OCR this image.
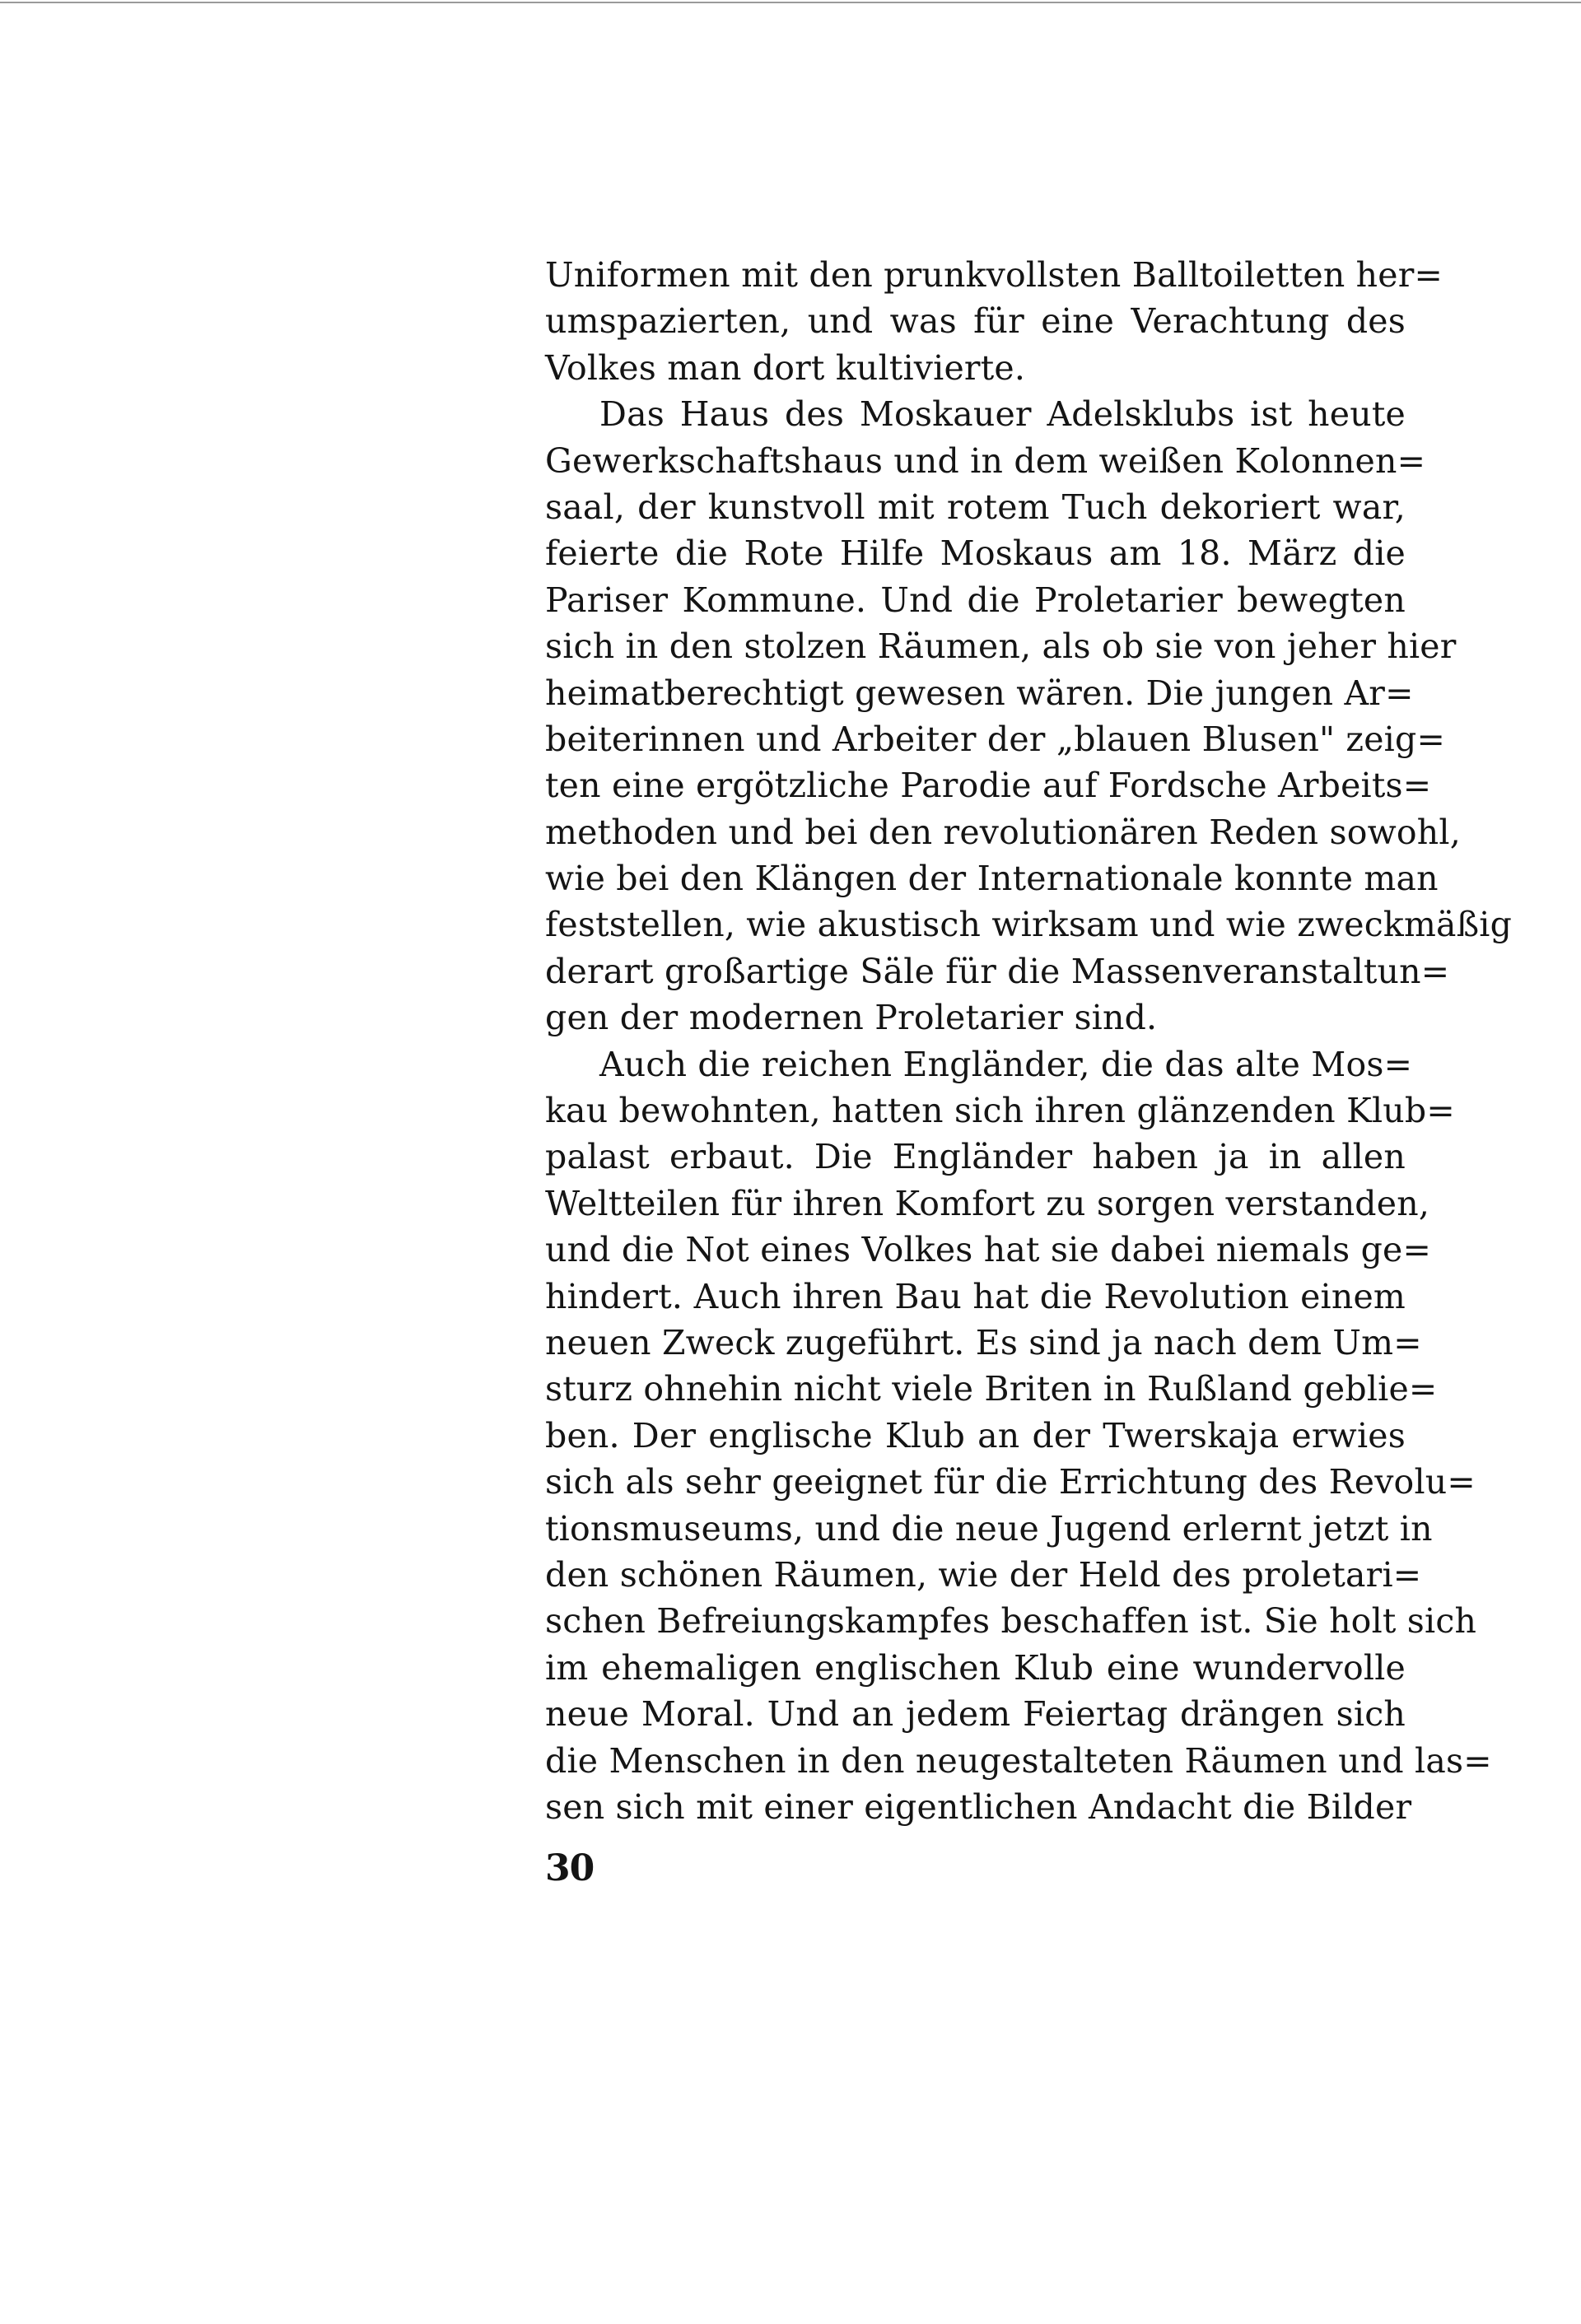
Uniformen mit den prunkvollsten Balltoiletten her=
umspazierten, und was für eine Verachtung des
Volkes man dort kultivierte.
Das Haus des Moskauer Adelsklubs ist heute
Gewerkschaftshaus und in dem weißen Kolonnen=
saal, der kunstvoll mit rotem Tuch dekoriert war,
feierte die Rote Hilfe Moskaus am 18. März die
Pariser Kommune. Und die Proletarier bewegten
sich in den stolzen Räumen, als ob sie von jeher hier
heimatberechtigt gewesen wären. Die jungen Ar=
beiterinnen und Arbeiter der „blauen Blusen" zeig=
ten eine ergötzliche Parodie auf Fordsche Arbeits=
methoden und bei den revolutionären Reden sowohl,
wie bei den Klängen der Internationale konnte man
feststellen, wie akustisch wirksam und wie zweckmäßig
derart großartige Säle für die Massenveranstaltun=
gen der modernen Proletarier sind.
Auch die reichen Engländer, die das alte Mos=
kau bewohnten, hatten sich ihren glänzenden Klub=
palast erbaut. Die Engländer haben ja in allen
Weltteilen für ihren Komfort zu sorgen verstanden,
und die Not eines Volkes hat sie dabei niemals ge=
hindert. Auch ihren Bau hat die Revolution einem
neuen Zweck zugeführt. Es sind ja nach dem Um=
sturz ohnehin nicht viele Briten in Rußland geblie=
ben. Der englische Klub an der Twerskaja erwies
sich als sehr geeignet für die Errichtung des Revolu=
tionsmuseums, und die neue Jugend erlernt jetzt in
den schönen Räumen, wie der Held des proletari=
schen Befreiungskampfes beschaffen ist. Sie holt sich
im ehemaligen englischen Klub eine wundervolle
neue Moral. Und an jedem Feiertag drängen sich
die Menschen in den neugestalteten Räumen und las=
sen sich mit einer eigentlichen Andacht die Bilder
30
